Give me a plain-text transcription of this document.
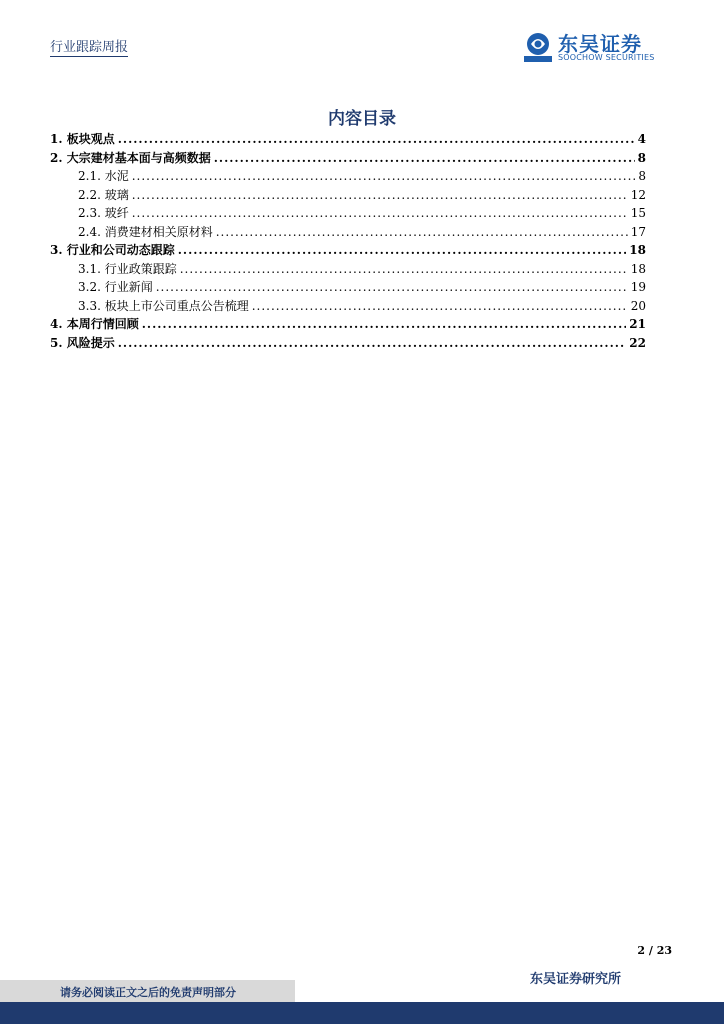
行业跟踪周报	东吴证券
SOOCHOW SECURITIES
内容目录
1. 板块观点 .....	4
2. 大宗建材基本面与高频数据 .....	8
2.1. 水泥 .....	8
2.2. 玻璃 .....	12
2.3. 玻纤 .....	15
2.4. 消费建材相关原材料 .....	17
3. 行业和公司动态跟踪 .....	18
3.1. 行业政策跟踪 .....	18
3.2. 行业新闻 .....	19
3.3. 板块上市公司重点公告梳理 .....	20
4. 本周行情回顾 .....	21
5. 风险提示 .....	22
2 / 23
东吴证券研究所
请务必阅读正文之后的免责声明部分
